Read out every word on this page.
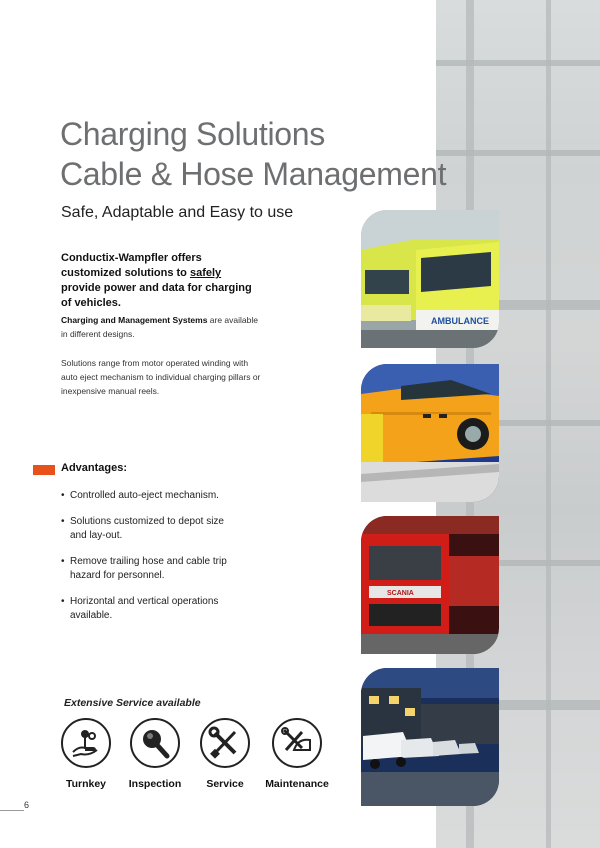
Charging Solutions
Cable & Hose Management
Safe, Adaptable and Easy to use
Conductix-Wampfler offers customized solutions to safely provide power and data for charging of vehicles.
Charging and Management Systems are available in different designs.
Solutions range from motor operated winding with auto eject mechanism to individual charging pillars or inexpensive manual reels.
Advantages:
• Controlled auto-eject mechanism.
• Solutions customized to depot size and lay-out.
• Remove trailing hose and cable trip hazard for personnel.
• Horizontal and vertical operations available.
Extensive Service available
Turnkey	Inspection	Service	Maintenance
6
AMBULANCE
SCANIA
